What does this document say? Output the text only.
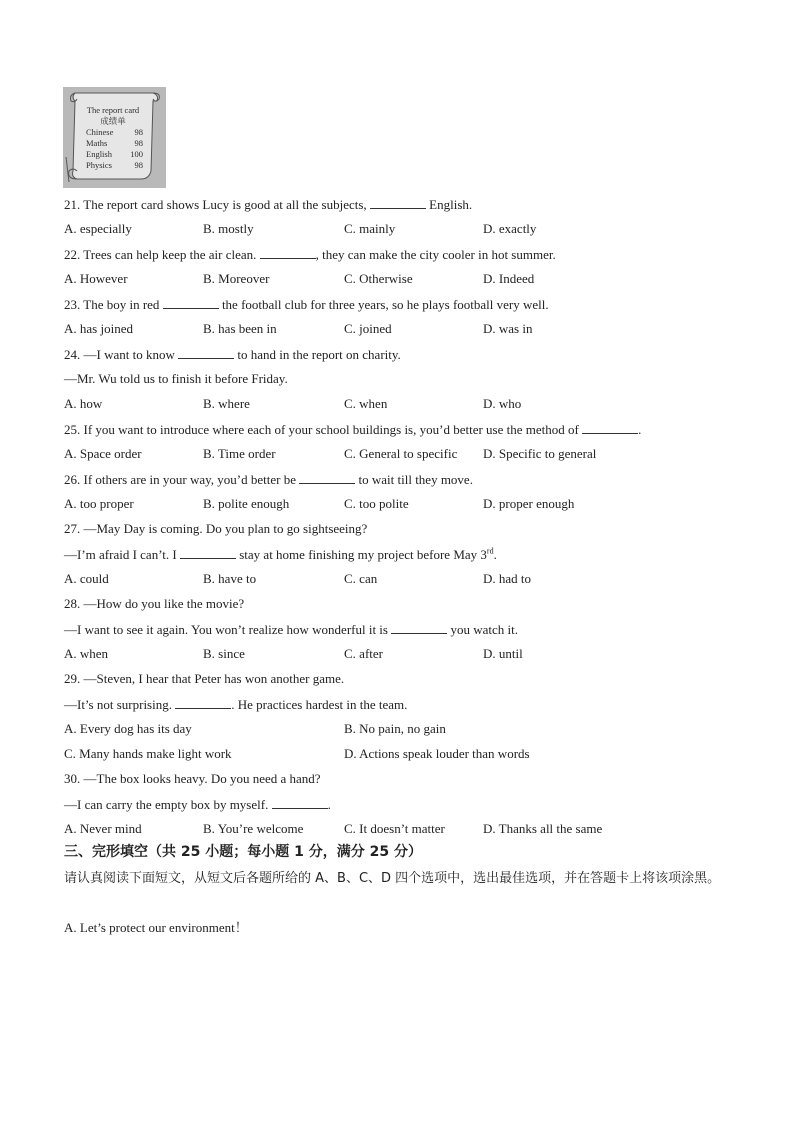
The report card
成绩单
Chinese 98
Maths	98
English 100
Physics	98
21. The report card shows Lucy is good at all the subjects,	English.
A. especially	B. mostly	C. mainly	D. exactly
22. Trees can help keep the air clean.	, they can make the city cooler in hot summer.
A. However	B. Moreover	C. Otherwise	D. Indeed
23. The boy in red	the football club for three years, so he plays football very well.
A. has joined	B. has been in	C. joined	D. was in
24. —I want to know	to hand in the report on charity.
—Mr. Wu told us to finish it before Friday.
A. how	B. where	C. when	D. who
25. If you want to introduce where each of your school buildings is, you’d better use the method of	.
A. Space order	B. Time order	C. General to specific D. Specific to general
26. If others are in your way, you’d better be	to wait till they move.
A. too proper	B. polite enough	C. too polite	D. proper enough
27. —May Day is coming. Do you plan to go sightseeing?
—I’m afraid I can’t. I	stay at home finishing my project before May 3rd.
A. could	B. have to	C. can	D. had to
28. —How do you like the movie?
—I want to see it again. You won’t realize how wonderful it is	you watch it.
A. when	B. since	C. after	D. until
29. —Steven, I hear that Peter has won another game.
—It’s not surprising.	. He practices hardest in the team.
A. Every dog has its day	B. No pain, no gain
C. Many hands make light work	D. Actions speak louder than words
30. —The box looks heavy. Do you need a hand?
—I can carry the empty box by myself.	.
A. Never mind	B. You’re welcome	C. It doesn’t matter	D. Thanks all the same
三、完形填空（共 25 小题；每小题 1 分，满分 25 分）
请认真阅读下面短文，从短文后各题所给的 A、B、C、D 四个选项中，选出最佳选项，并在答题卡上将该项涂黑。
A. Let’s protect our environment！
